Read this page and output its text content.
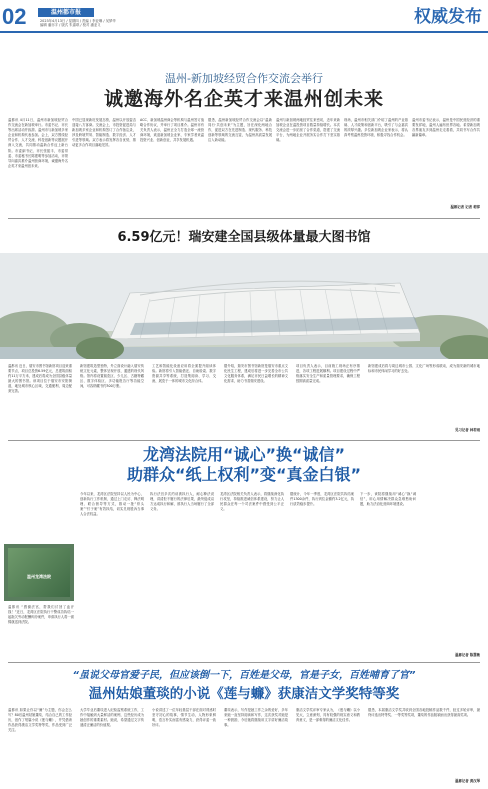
02	温州都市报
2023年4月13日 / 星期四 / 责编 / 李亚琳 / 吴梦华
编辑 潘亦宇 / 版式 朱嘉琪 / 校对 潘亚义	权威发布
温州-新加坡经贸合作交流会举行
诚邀海外名企英才来温州创未来
温都讯 4月11日，温州市新加坡经贸合作交流会在新加坡举行。市委书记、市长等出席活动并致辞。温州市与新加坡多家企业和机构代表参加。会上，双方围绕经贸合作、人才交流、科技创新等议题展开深入交流，共同推动温新合作迈上新台阶。市委副书记、市长张振丰，市委常委、市委秘书长陈建明等参加活动，市领导向嘉宾推介温州营商环境，诚邀海外名企英才来温州创未来。
中国已显现新旺发展态势，温州以开放姿态迎接八方客商。交流会上，市投资促进局与新加坡多家企业和机构签订了合作备忘录，涉及跨境贸易、智能制造、数字经济、人才引进等领域。双方表示将发挥各自优势，推动更多合作项目落地见效。
ACC、新加坡温州商会等机构与温州签订战略合作协议，并举行了项目推介。温州市有关负责人表示，温州正全力打造全球一流营商环境，欢迎新加坡企业家、专家学者来温投资兴业、创新创业，共享发展机遇。
据悉，温州新加坡经贸合作交流会以“温新同行·共创未来”为主题，旨在深化两地合作，促进双方在先进制造、现代服务、科技创新等领域的交流互鉴，为温州高质量发展注入新动能。
温州与新加坡两地经贸往来密切，近年来新加坡企业在温投资项目数量持续增长。本次交流会进一步拓宽了合作渠道，搭建了交流平台，为两地企业开展务实合作打下坚实基础。
现场，温州市相关部门介绍了温州的产业基础、人才政策和创新平台，吸引了与会嘉宾的浓厚兴趣。多位新加坡企业家表示，将认真考察温州投资环境，积极寻找合作机会。
温州市委书记表示，温州是中国民营经济的重要发祥地，温州人遍布世界各地。希望新加坡各界朋友多到温州走走看看，共同书写合作共赢新篇章。
温都记者 记者 莉萍
6.59亿元！瑞安建全国县级体量最大图书馆
温都讯 近日，瑞安市图书馆新馆项目迎来重要节点，项目总投资6.59亿元，总建筑面积约11万平方米，建成后将成为全国县级体量最大的图书馆。该项目位于瑞安市安阳街道，地处城市核心区域，交通便利，周边配套完善。
新馆建筑造型独特，外立面设计融入瑞安传统文化元素，整体呈现开放、通透的现代风格。馆内将设置阅览区、少儿区、古籍特藏区、数字体验区、多功能报告厅等功能空间，可容纳藏书约300万册。
工艺和智能化设备应用将全面提升阅读体验。新馆将引入智能借还、自助检索、数字资源共享等系统，打造集阅读、学习、交流、展览于一体的城市文化综合体。
据介绍，瑞安市图书馆新馆是瑞安市重点文化民生工程，建成后将进一步完善全市公共文化服务体系，满足市民日益增长的精神文化需求，助力书香瑞安建设。
项目负责人表示，目前施工现场正有序推进，各项工程进展顺利。项目建设过程中严格落实安全生产和质量管理要求，确保工程按期高质量完成。
新馆建成后将与周边城市公园、文化广场等形成联动，成为瑞安新的城市地标和市民休闲学习的好去处。
见习记者 林若雨
龙湾法院用“诚心”换“诚信”
助群众“纸上权利”变“真金白银”
温州龙湾法院
温都讯 “感谢法官，帮我们讨回了血汗钱！”近日，龙湾区法院执行干警成功执结一起拖欠劳动报酬纠纷案件，申请执行人将一面锦旗送到法院。
今年以来，龙湾区法院坚持以人民为中心，创新执行工作机制，通过上门走访、释法明理、联合督导等方式，推动一批“骨头案”“钉子案”有效执结，切实兑现胜诉当事人合法权益。
执行法官多次约谈被执行人，耐心释法说理，讲清拒不履行的法律后果，最终促成双方达成执行和解，被执行人当场履行了全部义务。
龙湾区法院相关负责人表示，将继续深化执行攻坚，持续推进诚信体系建设，努力让人民群众在每一个司法案件中感受到公平正义。
据统计，今年一季度，龙湾区法院共执结案件1300余件，执行到位金额约3.2亿元，执行质效稳步提升。
下一步，该院将继续用“诚心”换“诚信”，用心用情解决群众急难愁盼问题，助力法治化营商环境建设。
温都记者 陈慧敏
“虽说父母官爱子民，但应该倒一下，百姓是父母，官是子女，百姓哺育了官”
温州姑娘董琰的小说《莲与蠊》获康洁文学奖特等奖
温都讯 如果让你以“廉”为主题，你会怎么写？80后温州姑娘董琰，结合自己的工作经历，创作了短篇小说《莲与蠊》，并凭借该作品获得康洁文学奖特等奖，作品受到广泛关注。
大学毕业后董琰进入纪检监察系统工作，工作中接触到大量鲜活的案例，这些经历成为她创作的重要素材。她说，希望通过文字传递清正廉洁的价值观。
小说讲述了一位年轻基层干部在面对诱惑时坚守初心的故事，情节生动，人物形象鲜明，语言朴实而富有感染力，获得评委一致好评。
董琰表示，写作是她工作之余的爱好，多年来她一直坚持阅读和写作，这次获奖对她是一种鼓励，今后她将继续用文字讲好廉洁故事。
康洁文学奖评审专家认为，《莲与蠊》以小见大，立意深刻，具有较强的现实意义和教育意义，是一部难得的廉洁文化佳作。
据悉，本届康洁文学奖共收到全国各地投稿作品数千件，经过多轮评审，最终评选出特等奖、一等奖等奖项，董琰的作品脱颖而出获得最高奖项。
温都记者 黄汉琴
